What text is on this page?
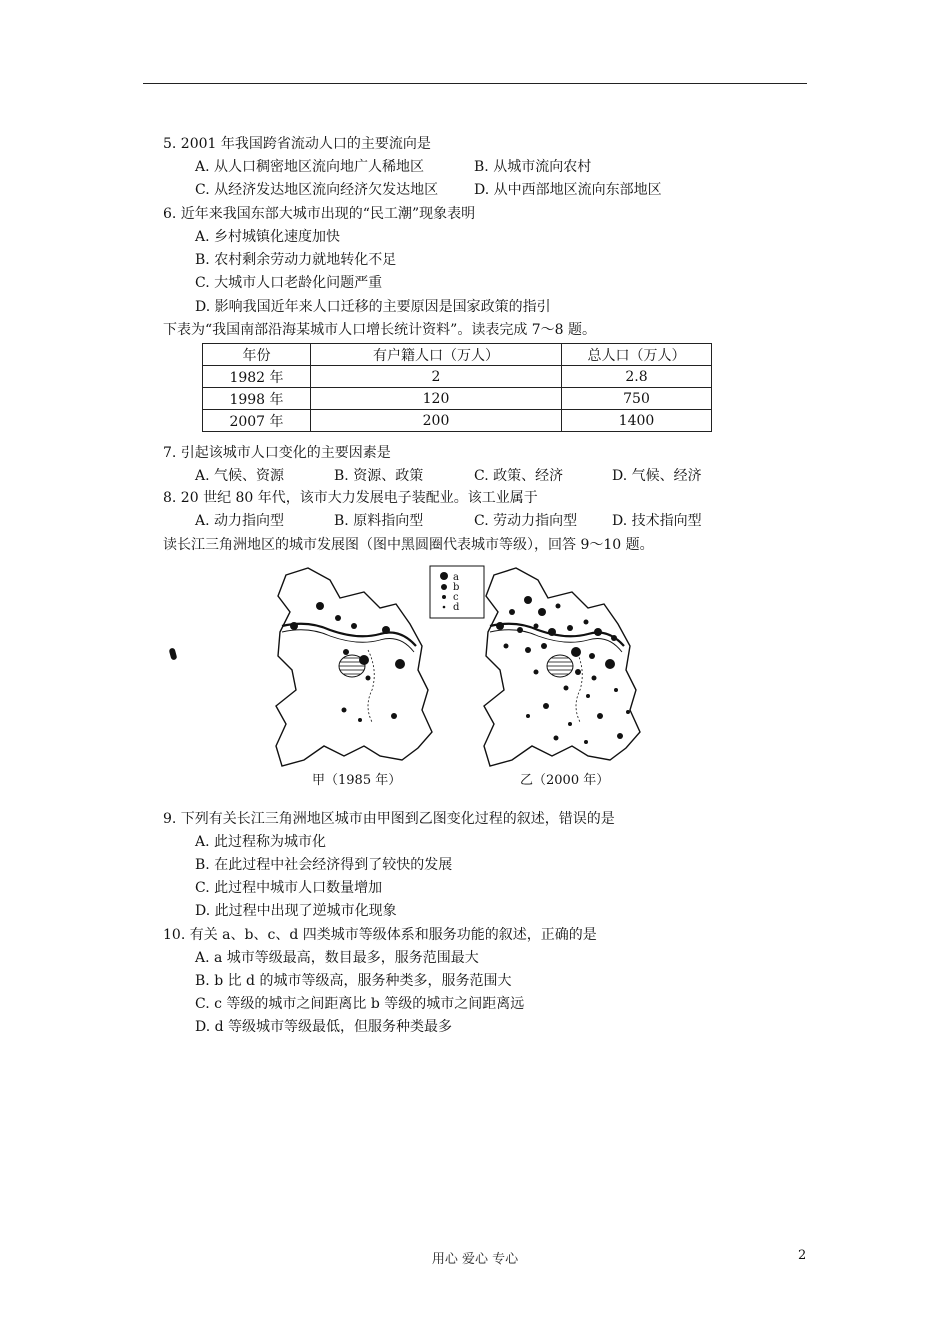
5. 2001 年我国跨省流动人口的主要流向是
A. 从人口稠密地区流向地广人稀地区	B. 从城市流向农村
C. 从经济发达地区流向经济欠发达地区	D. 从中西部地区流向东部地区
6. 近年来我国东部大城市出现的“民工潮”现象表明
A. 乡村城镇化速度加快
B. 农村剩余劳动力就地转化不足
C. 大城市人口老龄化问题严重
D. 影响我国近年来人口迁移的主要原因是国家政策的指引
下表为“我国南部沿海某城市人口增长统计资料”。读表完成 7～8 题。
年份	有户籍人口（万人）	总人口（万人）
1982 年	2	2.8
1998 年	120	750
2007 年	200	1400
7. 引起该城市人口变化的主要因素是
A. 气候、资源	B. 资源、政策	C. 政策、经济	D. 气候、经济
8. 20 世纪 80 年代，该市大力发展电子装配业。该工业属于
A. 动力指向型	B. 原料指向型	C. 劳动力指向型 D. 技术指向型
读长江三角洲地区的城市发展图（图中黑圆圈代表城市等级），回答 9～10 题。
a
b
c
d
甲（1985 年）	乙（2000 年）
9. 下列有关长江三角洲地区城市由甲图到乙图变化过程的叙述，错误的是
A. 此过程称为城市化
B. 在此过程中社会经济得到了较快的发展
C. 此过程中城市人口数量增加
D. 此过程中出现了逆城市化现象
10. 有关 a、b、c、d 四类城市等级体系和服务功能的叙述，正确的是
A. a 城市等级最高，数目最多，服务范围最大
B. b 比 d 的城市等级高，服务种类多，服务范围大
C. c 等级的城市之间距离比 b 等级的城市之间距离远
D. d 等级城市等级最低，但服务种类最多
用心 爱心 专心	2
